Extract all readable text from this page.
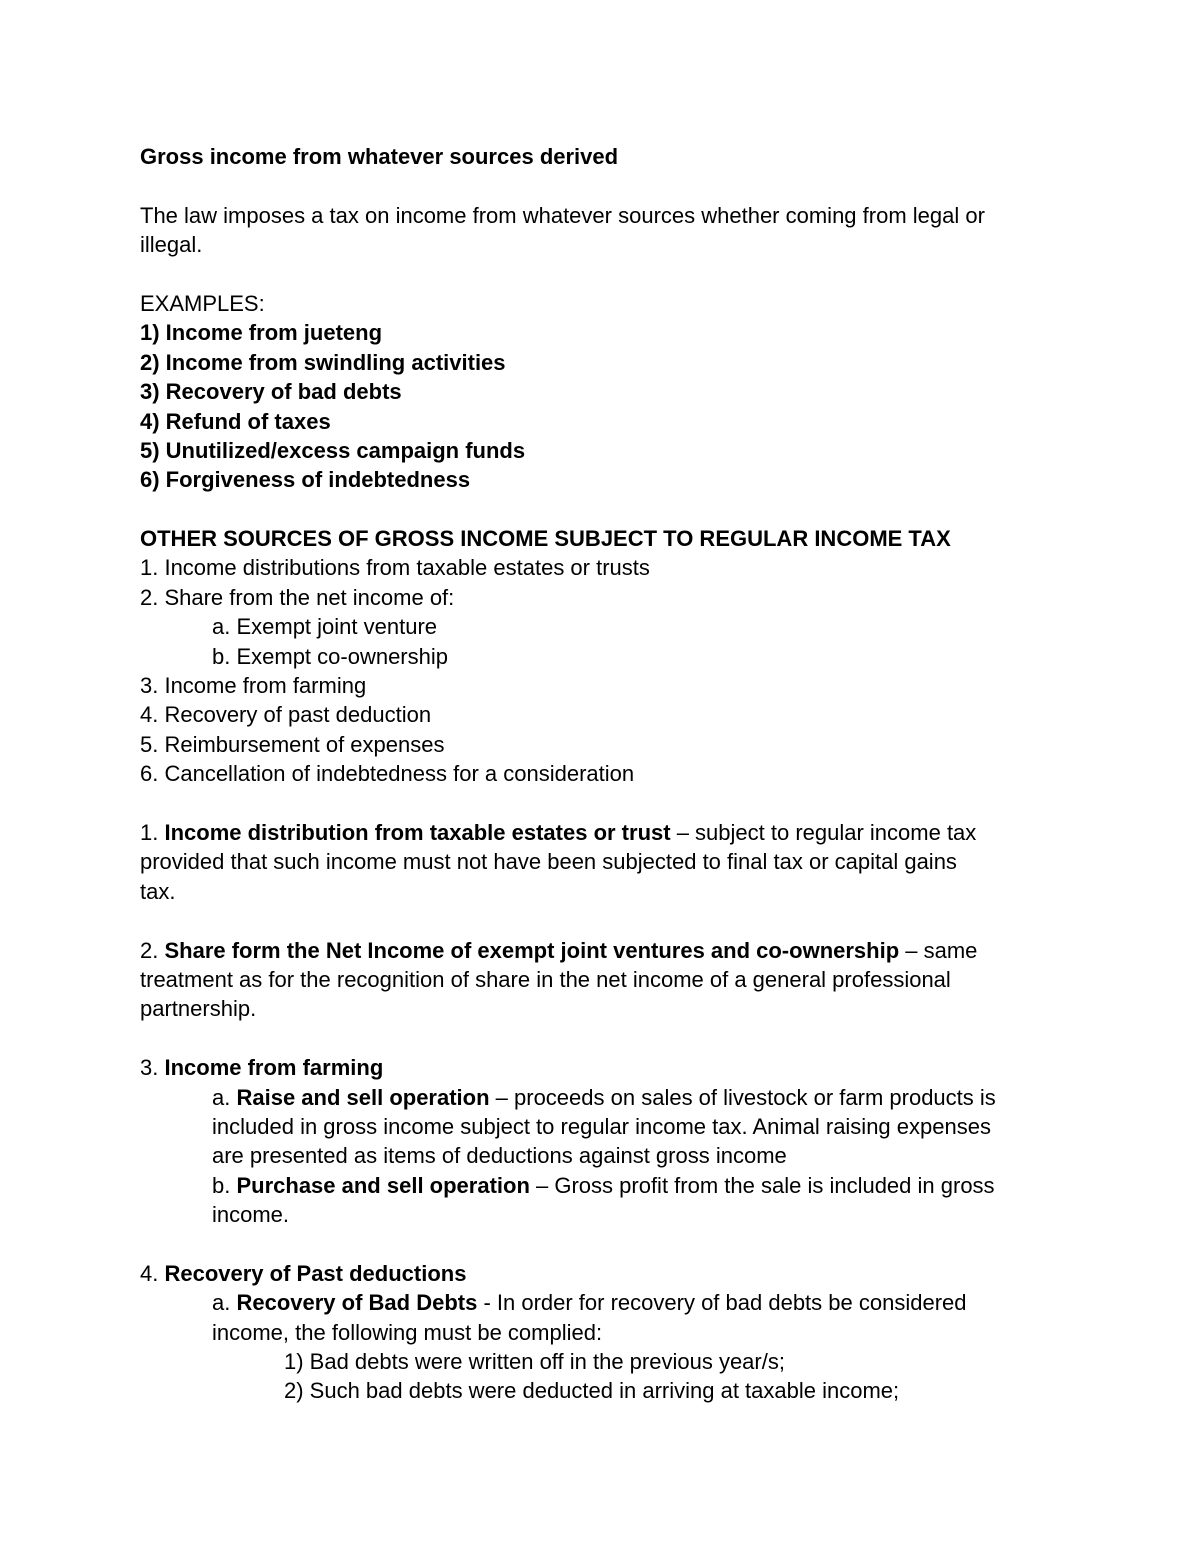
Gross income from whatever sources derived
The law imposes a tax on income from whatever sources whether coming from legal or
illegal.
EXAMPLES:
1) Income from jueteng
2) Income from swindling activities
3) Recovery of bad debts
4) Refund of taxes
5) Unutilized/excess campaign funds
6) Forgiveness of indebtedness
OTHER SOURCES OF GROSS INCOME SUBJECT TO REGULAR INCOME TAX
1. Income distributions from taxable estates or trusts
2. Share from the net income of:
a. Exempt joint venture
b. Exempt co-ownership
3. Income from farming
4. Recovery of past deduction
5. Reimbursement of expenses
6. Cancellation of indebtedness for a consideration
1. Income distribution from taxable estates or trust – subject to regular income tax
provided that such income must not have been subjected to final tax or capital gains
tax.
2. Share form the Net Income of exempt joint ventures and co-ownership – same
treatment as for the recognition of share in the net income of a general professional
partnership.
3. Income from farming
a. Raise and sell operation – proceeds on sales of livestock or farm products is
included in gross income subject to regular income tax. Animal raising expenses
are presented as items of deductions against gross income
b. Purchase and sell operation – Gross profit from the sale is included in gross
income.
4. Recovery of Past deductions
a. Recovery of Bad Debts - In order for recovery of bad debts be considered
income, the following must be complied:
1) Bad debts were written off in the previous year/s;
2) Such bad debts were deducted in arriving at taxable income;
